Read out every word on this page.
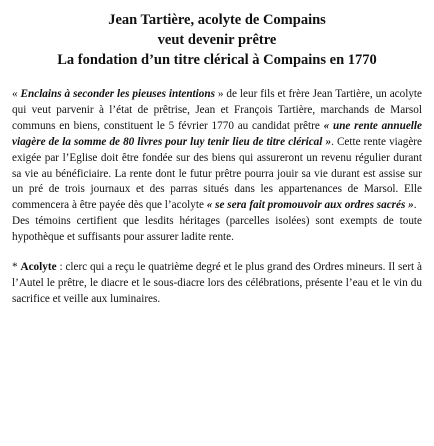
Jean Tartière, acolyte de Compains
veut devenir prêtre
La fondation d’un titre clérical à Compains en 1770

« Enclains à seconder les pieuses intentions » de leur fils et frère Jean Tartière, un acolyte qui veut parvenir à l’état de prêtrise, Jean et François Tartière, marchands de Marsol communs en biens, constituent le 5 février 1770 au candidat prêtre « une rente annuelle viagère de la somme de 80 livres pour luy tenir lieu de titre clérical ». Cette rente viagère exigée par l’Eglise doit être fondée sur des biens qui assureront un revenu régulier durant sa vie au bénéficiaire. La rente dont le futur prêtre pourra jouir sa vie durant est assise sur un pré de trois journaux et des parras situés dans les appartenances de Marsol. Elle commencera à être payée dès que l’acolyte « se sera fait promouvoir aux ordres sacrés ».

Des témoins certifient que lesdits héritages (parcelles isolées) sont exempts de toute hypothèque et suffisants pour assurer ladite rente.

* Acolyte : clerc qui a reçu le quatrième degré et le plus grand des Ordres mineurs. Il sert à l’Autel le prêtre, le diacre et le sous-diacre lors des célébrations, présente l’eau et le vin du sacrifice et veille aux luminaires.
